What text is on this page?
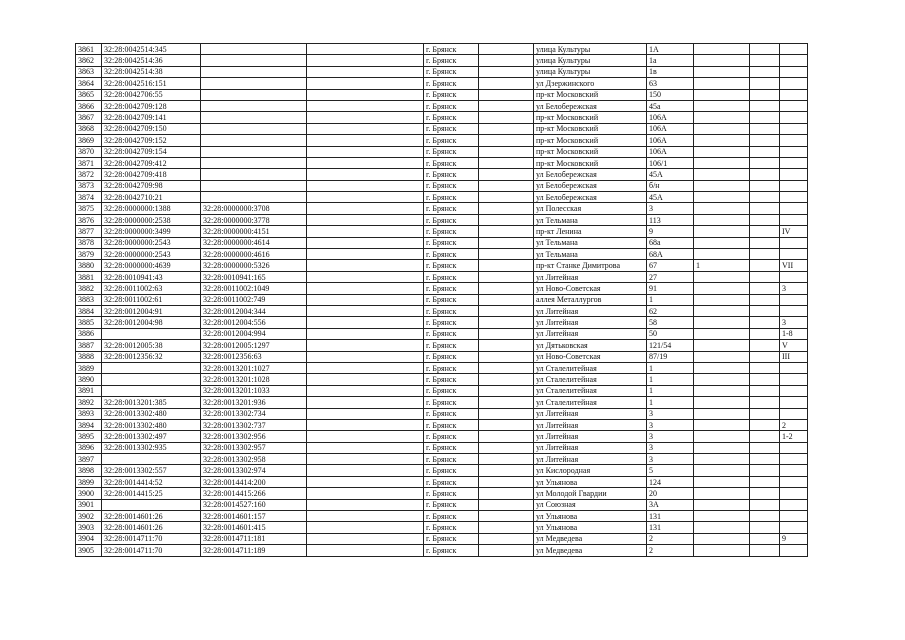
3861	32:28:0042514:345			г. Брянск		улица Культуры	1А			
3862	32:28:0042514:36			г. Брянск		улица Культуры	1а			
3863	32:28:0042514:38			г. Брянск		улица Культуры	1в			
3864	32:28:0042516:151			г. Брянск		ул Дзержинского	63			
3865	32:28:0042706:55			г. Брянск		пр-кт Московский	150			
3866	32:28:0042709:128			г. Брянск		ул Белобережская	45а			
3867	32:28:0042709:141			г. Брянск		пр-кт Московский	106А			
3868	32:28:0042709:150			г. Брянск		пр-кт Московский	106А			
3869	32:28:0042709:152			г. Брянск		пр-кт Московский	106А			
3870	32:28:0042709:154			г. Брянск		пр-кт Московский	106А			
3871	32:28:0042709:412			г. Брянск		пр-кт Московский	106/1			
3872	32:28:0042709:418			г. Брянск		ул Белобережская	45А			
3873	32:28:0042709:98			г. Брянск		ул Белобережская	б/н			
3874	32:28:0042710:21			г. Брянск		ул Белобережская	45А			
3875	32:28:0000000:1388	32:28:0000000:3708		г. Брянск		ул Полесская	3			
3876	32:28:0000000:2538	32:28:0000000:3778		г. Брянск		ул Тельмана	113			
3877	32:28:0000000:3499	32:28:0000000:4151		г. Брянск		пр-кт Ленина	9			IV
3878	32:28:0000000:2543	32:28:0000000:4614		г. Брянск		ул Тельмана	68а			
3879	32:28:0000000:2543	32:28:0000000:4616		г. Брянск		ул Тельмана	68А			
3880	32:28:0000000:4639	32:28:0000000:5326		г. Брянск		пр-кт Станке Димитрова	67	1		VII
3881	32:28:0010941:43	32:28:0010941:165		г. Брянск		ул Литейная	27			
3882	32:28:0011002:63	32:28:0011002:1049		г. Брянск		ул Ново-Советская	91			3
3883	32:28:0011002:61	32:28:0011002:749		г. Брянск		аллея Металлургов	1			
3884	32:28:0012004:91	32:28:0012004:344		г. Брянск		ул Литейная	62			
3885	32:28:0012004:98	32:28:0012004:556		г. Брянск		ул Литейная	58			3
3886		32:28:0012004:994		г. Брянск		ул Литейная	50			1-8
3887	32:28:0012005:38	32:28:0012005:1297		г. Брянск		ул Дятьковская	121/54			V
3888	32:28:0012356:32	32:28:0012356:63		г. Брянск		ул Ново-Советская	87/19			III
3889		32:28:0013201:1027		г. Брянск		ул Сталелитейная	1			
3890		32:28:0013201:1028		г. Брянск		ул Сталелитейная	1			
3891		32:28:0013201:1033		г. Брянск		ул Сталелитейная	1			
3892	32:28:0013201:385	32:28:0013201:936		г. Брянск		ул Сталелитейная	1			
3893	32:28:0013302:480	32:28:0013302:734		г. Брянск		ул Литейная	3			
3894	32:28:0013302:480	32:28:0013302:737		г. Брянск		ул Литейная	3			2
3895	32:28:0013302:497	32:28:0013302:956		г. Брянск		ул Литейная	3			1-2
3896	32:28:0013302:935	32:28:0013302:957		г. Брянск		ул Литейная	3			
3897		32:28:0013302:958		г. Брянск		ул Литейная	3			
3898	32:28:0013302:557	32:28:0013302:974		г. Брянск		ул Кислородная	5			
3899	32:28:0014414:52	32:28:0014414:200		г. Брянск		ул Ульянова	124			
3900	32:28:0014415:25	32:28:0014415:266		г. Брянск		ул Молодой Гвардии	20			
3901		32:28:0014527:160		г. Брянск		ул Союзная	3А			
3902	32:28:0014601:26	32:28:0014601:157		г. Брянск		ул Ульянова	131			
3903	32:28:0014601:26	32:28:0014601:415		г. Брянск		ул Ульянова	131			
3904	32:28:0014711:70	32:28:0014711:181		г. Брянск		ул Медведева	2			9
3905	32:28:0014711:70	32:28:0014711:189		г. Брянск		ул Медведева	2			
